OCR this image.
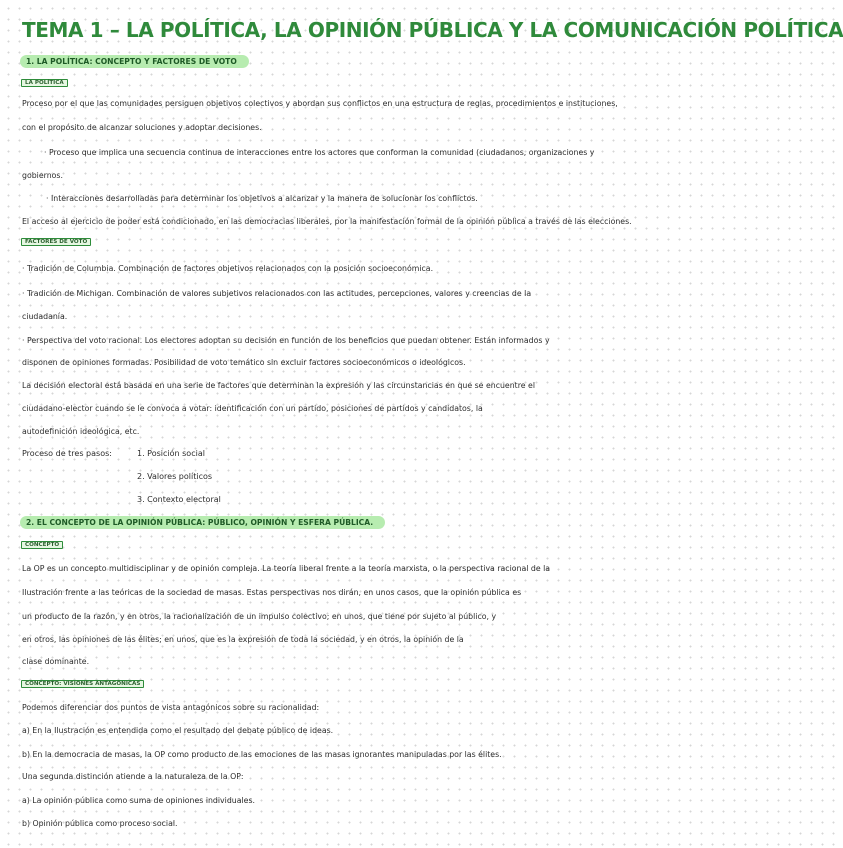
TEMA 1 – LA POLÍTICA, LA OPINIÓN PÚBLICA Y LA COMUNICACIÓN POLÍTICA
1. LA POLÍTICA: CONCEPTO Y FACTORES DE VOTO
LA POLÍTICA
Proceso por el que las comunidades persiguen objetivos colectivos y abordan sus conflictos en una estructura de reglas, procedimientos e instituciones,
con el propósito de alcanzar soluciones y adoptar decisiones.
· Proceso que implica una secuencia continua de interacciones entre los actores que conforman la comunidad (ciudadanos, organizaciones y
gobiernos.
· Interacciones desarrolladas para determinar los objetivos a alcanzar y la manera de solucionar los conflictos.
El acceso al ejercicio de poder está condicionado, en las democracias liberales, por la manifestación formal de la opinión pública a través de las elecciones.
FACTORES DE VOTO
· Tradición de Columbia. Combinación de factores objetivos relacionados con la posición socioeconómica.
· Tradición de Michigan. Combinación de valores subjetivos relacionados con las actitudes, percepciones, valores y creencias de la
ciudadanía.
· Perspectiva del voto racional. Los electores adoptan su decisión en función de los beneficios que puedan obtener. Están informados y
disponen de opiniones formadas. Posibilidad de voto temático sin excluir factores socioeconómicos o ideológicos.
La decisión electoral está basada en una serie de factores que determinan la expresión y las circunstancias en que se encuentre el
ciudadano-elector cuando se le convoca a votar: identificación con un partido, posiciones de partidos y candidatos, la
autodefinición ideológica, etc.
Proceso de tres pasos:	1. Posición social
2. Valores políticos
3. Contexto electoral
2. EL CONCEPTO DE LA OPINIÓN PÚBLICA: PÚBLICO, OPINIÓN Y ESFERA PÚBLICA.
CONCEPTO
La OP es un concepto multidisciplinar y de opinión compleja. La teoría liberal frente a la teoría marxista, o la perspectiva racional de la
Ilustración frente a las teóricas de la sociedad de masas. Estas perspectivas nos dirán, en unos casos, que la opinión pública es
un producto de la razón, y en otros, la racionalización de un impulso colectivo; en unos, que tiene por sujeto al público, y
en otros, las opiniones de las élites; en unos, que es la expresión de toda la sociedad, y en otros, la opinión de la
clase dominante.
CONCEPTO: VISIONES ANTAGÓNICAS
Podemos diferenciar dos puntos de vista antagónicos sobre su racionalidad:
a) En la Ilustración es entendida como el resultado del debate público de ideas.
b) En la democracia de masas, la OP como producto de las emociones de las masas ignorantes manipuladas por las élites.
Una segunda distinción atiende a la naturaleza de la OP:
a) La opinión pública como suma de opiniones individuales.
b) Opinión pública como proceso social.
